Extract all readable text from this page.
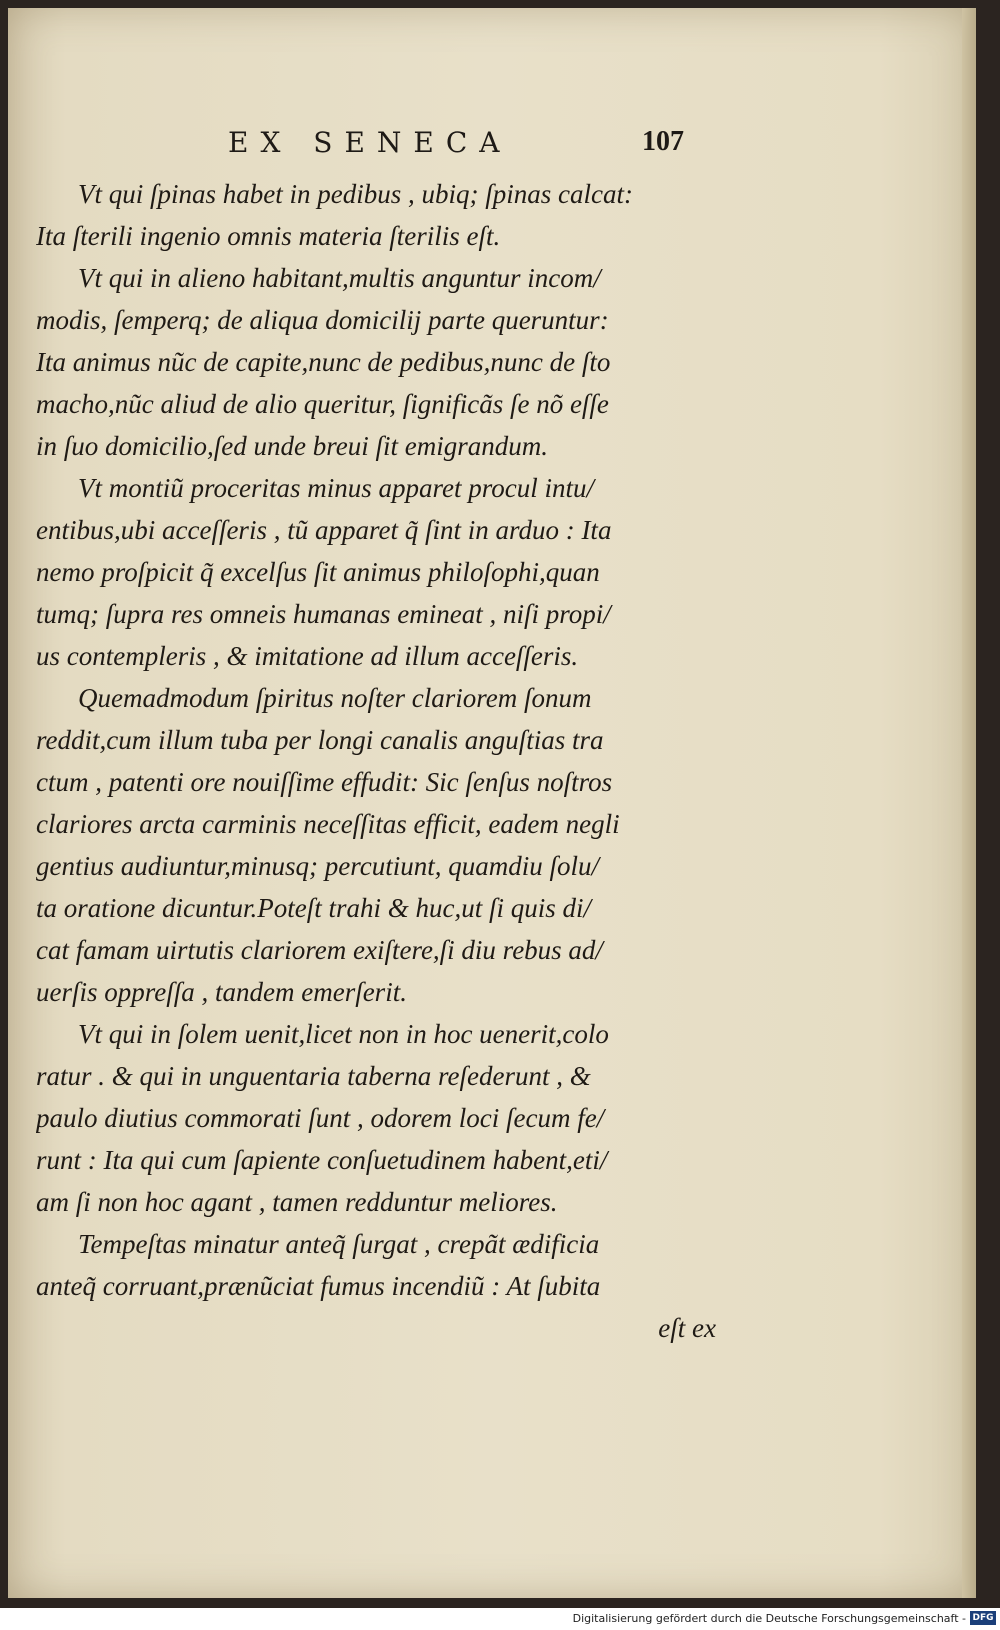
EX SENECA	107
Vt qui ſpinas habet in pedibus , ubiq; ſpinas calcat:
Ita ſterili ingenio omnis materia ſterilis eſt.
Vt qui in alieno habitant,multis anguntur incom/
modis, ſemperq; de aliqua domicilij parte queruntur:
Ita animus nũc de capite,nunc de pedibus,nunc de ſto
macho,nũc aliud de alio queritur, ſignificãs ſe nõ eſſe
in ſuo domicilio,ſed unde breui ſit emigrandum.
Vt montiũ proceritas minus apparet procul intu/
entibus,ubi acceſſeris , tũ apparet q̃ ſint in arduo : Ita
nemo proſpicit q̃ excelſus ſit animus philoſophi,quan
tumq; ſupra res omneis humanas emineat , niſi propi/
us contempleris , & imitatione ad illum acceſſeris.
Quemadmodum ſpiritus noſter clariorem ſonum
reddit,cum illum tuba per longi canalis anguſtias tra
ctum , patenti ore nouiſſime effudit: Sic ſenſus noſtros
clariores arcta carminis neceſſitas efficit, eadem negli
gentius audiuntur,minusq; percutiunt, quamdiu ſolu/
ta oratione dicuntur.Poteſt trahi & huc,ut ſi quis di/
cat famam uirtutis clariorem exiſtere,ſi diu rebus ad/
uerſis oppreſſa , tandem emerſerit.
Vt qui in ſolem uenit,licet non in hoc uenerit,colo
ratur . & qui in unguentaria taberna reſederunt , &
paulo diutius commorati ſunt , odorem loci ſecum fe/
runt : Ita qui cum ſapiente conſuetudinem habent,eti/
am ſi non hoc agant , tamen redduntur meliores.
Tempeſtas minatur anteq̃ ſurgat , crepãt ædificia
anteq̃ corruant,prænũciat fumus incendiũ : At ſubita
eſt ex
Digitalisierung gefördert durch die Deutsche Forschungsgemeinschaft - DFG
